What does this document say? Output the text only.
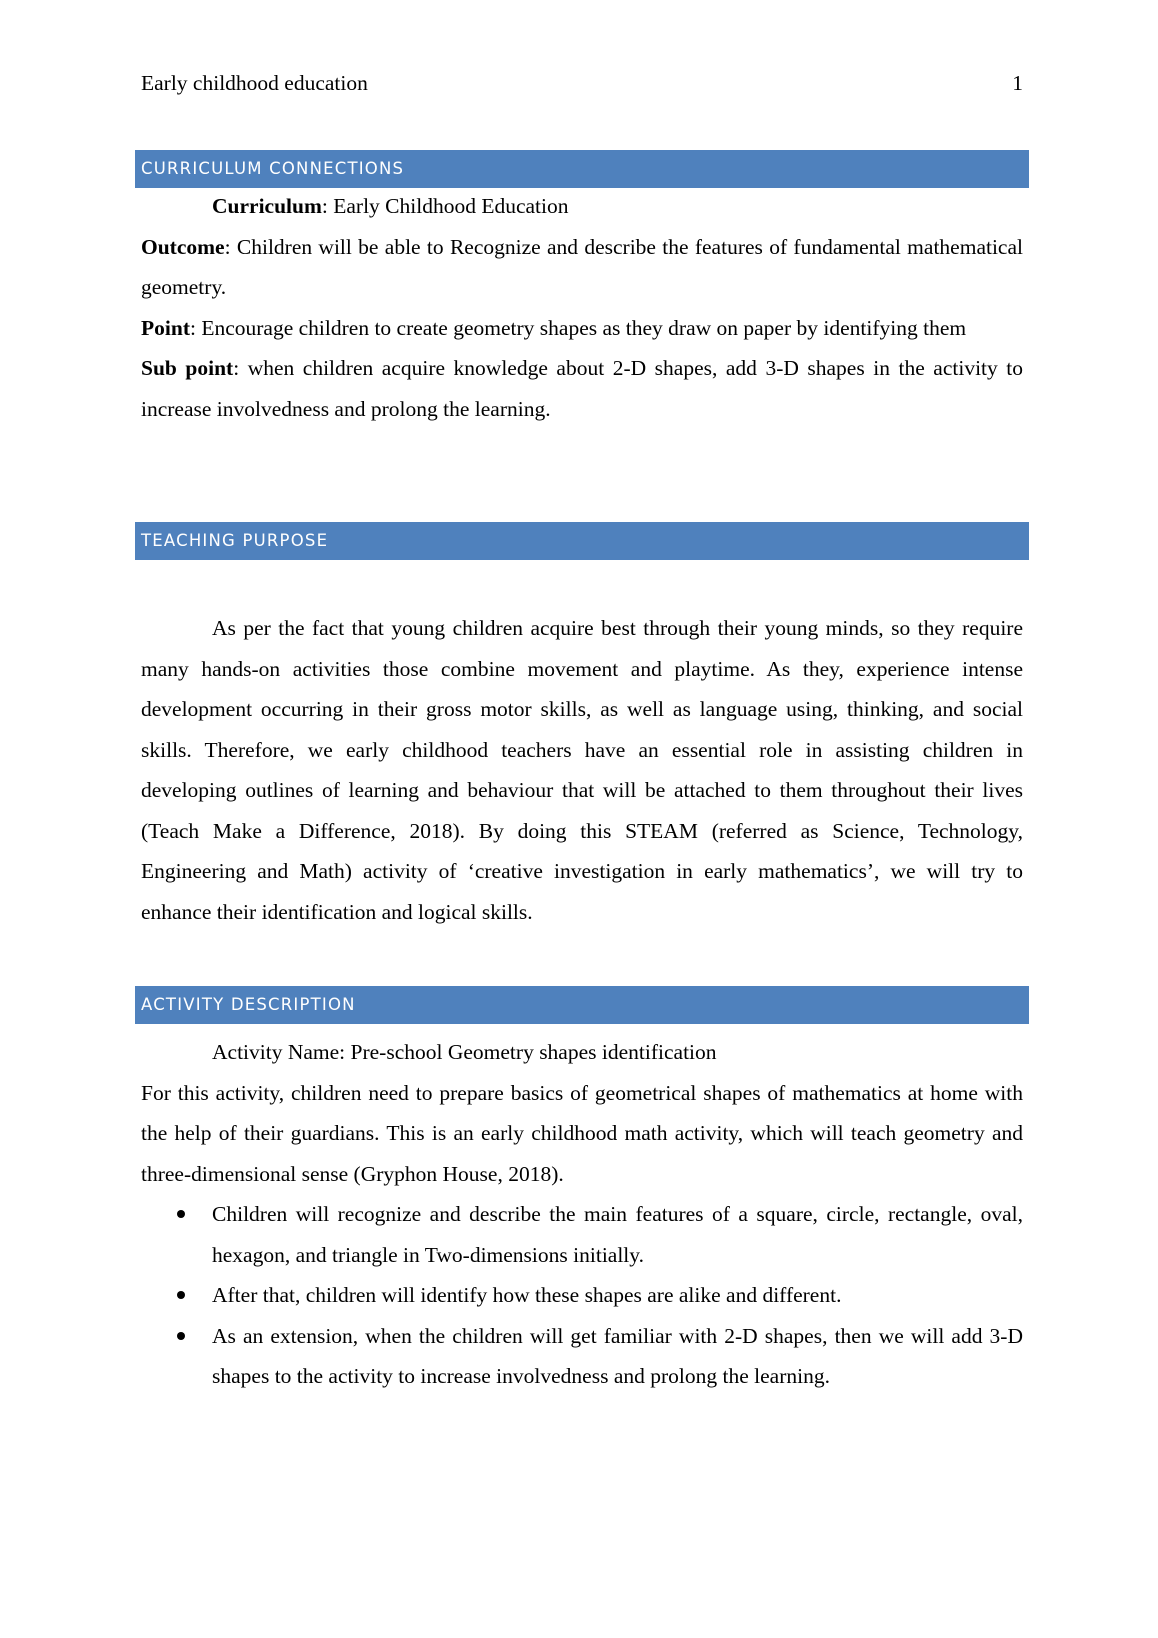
Early childhood education	1
CURRICULUM CONNECTIONS

Curriculum: Early Childhood Education

Outcome: Children will be able to Recognize and describe the features of fundamental mathematical geometry.

Point: Encourage children to create geometry shapes as they draw on paper by identifying them

Sub point: when children acquire knowledge about 2-D shapes, add 3-D shapes in the activity to increase involvedness and prolong the learning.

TEACHING PURPOSE

As per the fact that young children acquire best through their young minds, so they require many hands-on activities those combine movement and playtime. As they, experience intense development occurring in their gross motor skills, as well as language using, thinking, and social skills. Therefore, we early childhood teachers have an essential role in assisting children in developing outlines of learning and behaviour that will be attached to them throughout their lives (Teach Make a Difference, 2018). By doing this STEAM (referred as Science, Technology, Engineering and Math) activity of ‘creative investigation in early mathematics’, we will try to enhance their identification and logical skills.

ACTIVITY DESCRIPTION

Activity Name: Pre-school Geometry shapes identification

For this activity, children need to prepare basics of geometrical shapes of mathematics at home with the help of their guardians. This is an early childhood math activity, which will teach geometry and three-dimensional sense (Gryphon House, 2018).

Children will recognize and describe the main features of a square, circle, rectangle, oval, hexagon, and triangle in Two-dimensions initially.
After that, children will identify how these shapes are alike and different.
As an extension, when the children will get familiar with 2-D shapes, then we will add 3-D shapes to the activity to increase involvedness and prolong the learning.
